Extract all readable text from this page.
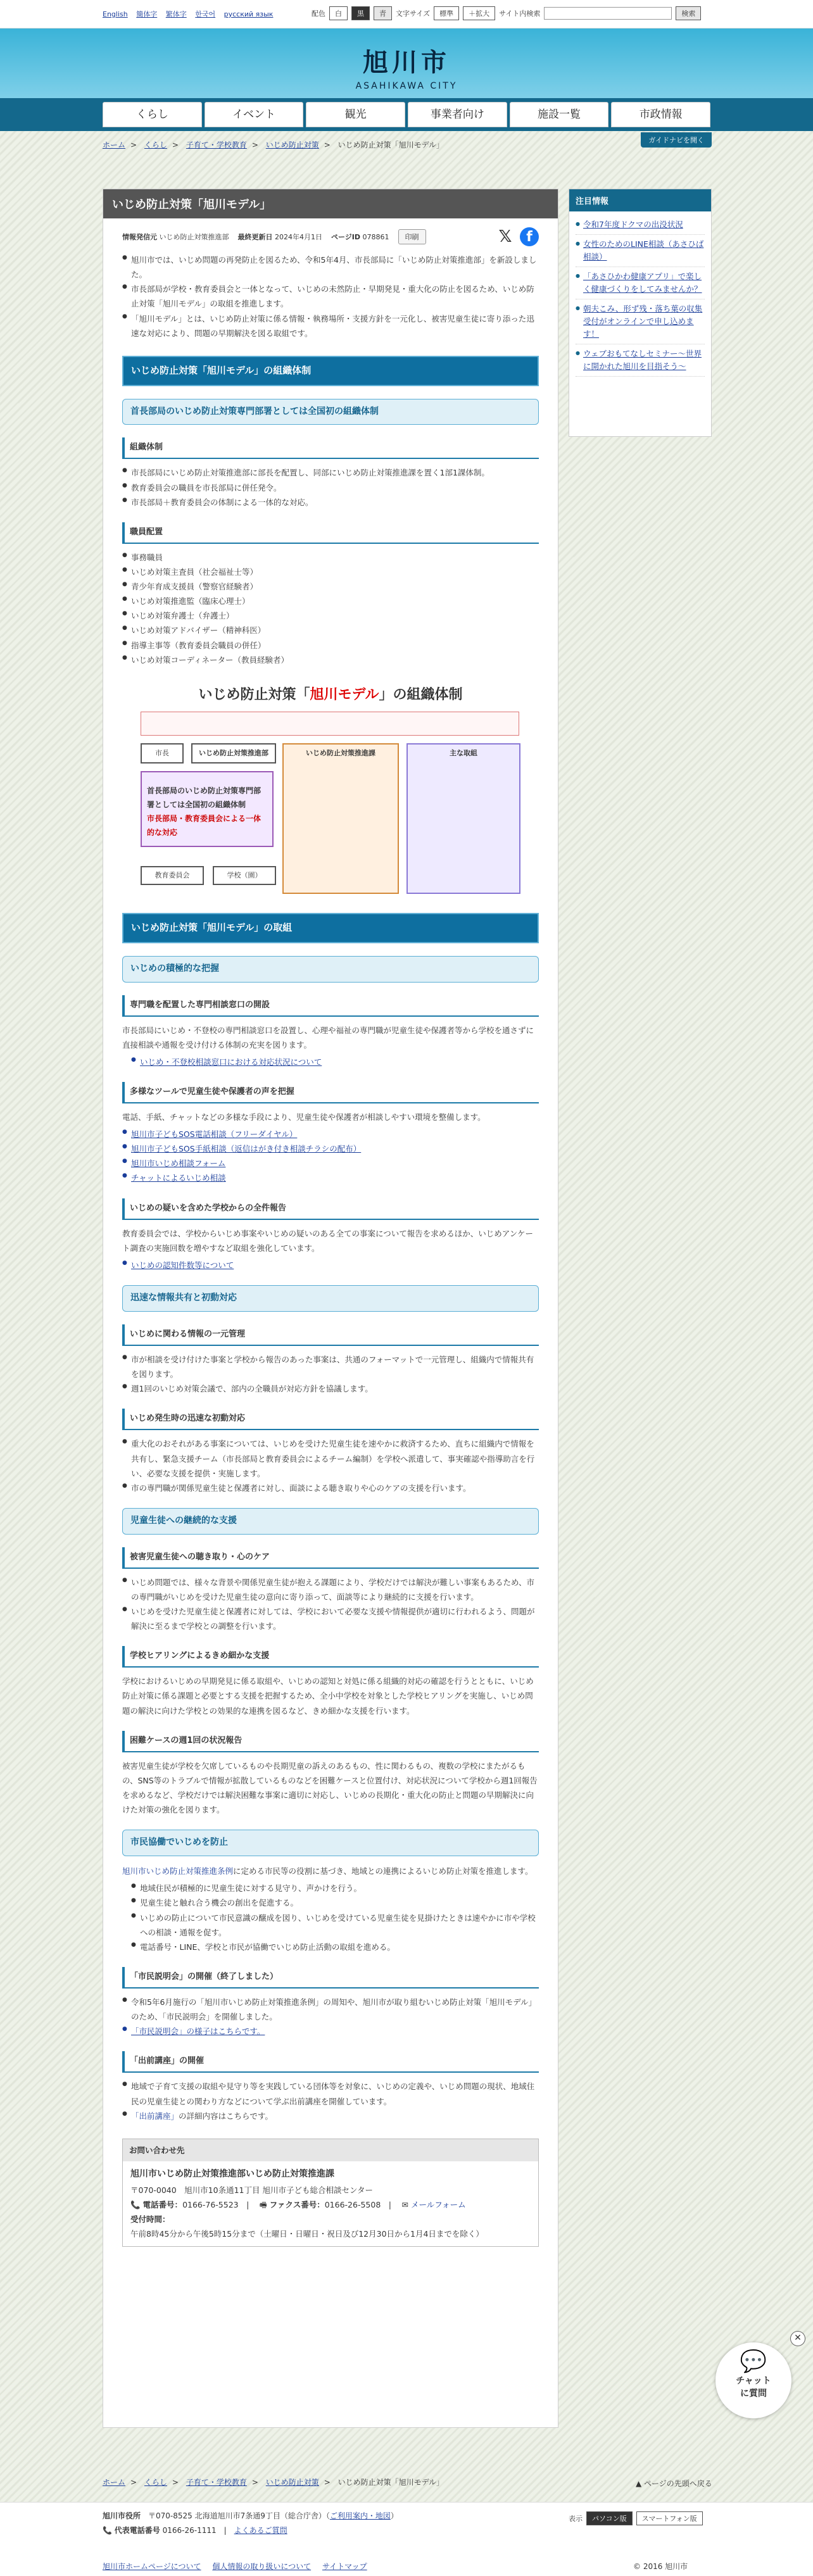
English 簡体字 繁体字 한국어 русский язык	配色	白	黒	青	文字サイズ	標準	＋拡大	サイト内検索	検索
旭川市
ASAHIKAWA CITY
くらし	イベント	観光	事業者向け	施設一覧	市政情報
ガイドナビを開く
ホーム > くらし > 子育て・学校教育 > いじめ防止対策 > いじめ防止対策「旭川モデル」
いじめ防止対策「旭川モデル」
情報発信元 いじめ防止対策推進部 最終更新日 2024年4月1日 ページID 078861	印刷	𝕏	f
● 旭川市では、いじめ問題の再発防止を図るため、令和5年4月、市長部局に「いじめ防止対策推進部」を新設しました。
● 市長部局が学校・教育委員会と一体となって、いじめの未然防止・早期発見・重大化の防止を図るため、いじめ防止対策「旭川モデル」の取組を推進します。
● 「旭川モデル」とは、いじめ防止対策に係る情報・執務場所・支援方針を一元化し、被害児童生徒に寄り添った迅速な対応により、問題の早期解決を図る取組です。
いじめ防止対策「旭川モデル」の組織体制
首長部局のいじめ防止対策専門部署としては全国初の組織体制
組織体制
● 市長部局にいじめ防止対策推進部に部長を配置し、同部にいじめ防止対策推進課を置く1部1課体制。
● 教育委員会の職員を市長部局に併任発令。
● 市長部局＋教育委員会の体制による一体的な対応。
職員配置
● 事務職員
● いじめ対策主査員（社会福祉士等）
● 青少年育成支援員（警察官経験者）
● いじめ対策推進監（臨床心理士）
● いじめ対策弁護士（弁護士）
● いじめ対策アドバイザー（精神科医）
● 指導主事等（教育委員会職員の併任）
● いじめ対策コーディネーター（教員経験者）
いじめ防止対策「旭川モデル」の組織体制
市長	いじめ防止対策推進部
首長部局のいじめ防止対策専門部署としては全国初の組織体制
市長部局・教育委員会による一体的な対応
いじめ防止対策推進課	主な取組
教育委員会	学校（園）
いじめ防止対策「旭川モデル」の取組
いじめの積極的な把握
専門職を配置した専門相談窓口の開設

市長部局にいじめ・不登校の専門相談窓口を設置し、心理や福祉の専門職が児童生徒や保護者等から学校を通さずに直接相談や通報を受け付ける体制の充実を図ります。

● いじめ・不登校相談窓口における対応状況について
多様なツールで児童生徒や保護者の声を把握

電話、手紙、チャットなどの多様な手段により、児童生徒や保護者が相談しやすい環境を整備します。

● 旭川市子どもSOS電話相談（フリーダイヤル）
● 旭川市子どもSOS手紙相談（返信はがき付き相談チラシの配布）
● 旭川市いじめ相談フォーム
● チャットによるいじめ相談
いじめの疑いを含めた学校からの全件報告

教育委員会では、学校からいじめ事案やいじめの疑いのある全ての事案について報告を求めるほか、いじめアンケート調査の実施回数を増やすなど取組を強化しています。

● いじめの認知件数等について
迅速な情報共有と初動対応
いじめに関わる情報の一元管理
● 市が相談を受け付けた事案と学校から報告のあった事案は、共通のフォーマットで一元管理し、組織内で情報共有を図ります。
● 週1回のいじめ対策会議で、部内の全職員が対応方針を協議します。
いじめ発生時の迅速な初動対応
● 重大化のおそれがある事案については、いじめを受けた児童生徒を速やかに救済するため、直ちに組織内で情報を共有し、緊急支援チーム（市長部局と教育委員会によるチーム編制）を学校へ派遣して、事実確認や指導助言を行い、必要な支援を提供・実施します。
● 市の専門職が関係児童生徒と保護者に対し、面談による聴き取りや心のケアの支援を行います。
児童生徒への継続的な支援
被害児童生徒への聴き取り・心のケア
● いじめ問題では、様々な背景や関係児童生徒が抱える課題により、学校だけでは解決が難しい事案もあるため、市の専門職がいじめを受けた児童生徒の意向に寄り添って、面談等により継続的に支援を行います。
● いじめを受けた児童生徒と保護者に対しては、学校において必要な支援や情報提供が適切に行われるよう、問題が解決に至るまで学校との調整を行います。
学校ヒアリングによるきめ細かな支援

学校におけるいじめの早期発見に係る取組や、いじめの認知と対処に係る組織的対応の確認を行うとともに、いじめ防止対策に係る課題と必要とする支援を把握するため、全小中学校を対象とした学校ヒアリングを実施し、いじめ問題の解決に向けた学校との効果的な連携を図るなど、きめ細かな支援を行います。

困難ケースの週1回の状況報告

被害児童生徒が学校を欠席しているものや長期児童の訴えのあるもの、性に関わるもの、複数の学校にまたがるもの、SNS等のトラブルで情報が拡散しているものなどを困難ケースと位置付け、対応状況について学校から週1回報告を求めるなど、学校だけでは解決困難な事案に適切に対応し、いじめの長期化・重大化の防止と問題の早期解決に向けた対策の強化を図ります。

市民協働でいじめを防止

旭川市いじめ防止対策推進条例に定める市民等の役割に基づき、地域との連携によるいじめ防止対策を推進します。

● 地域住民が積極的に児童生徒に対する見守り、声かけを行う。
● 児童生徒と触れ合う機会の創出を促進する。
● いじめの防止について市民意識の醸成を図り、いじめを受けている児童生徒を見掛けたときは速やかに市や学校への相談・通報を促す。
● 電話番号・LINE、学校と市民が協働でいじめ防止活動の取組を進める。
「市民説明会」の開催（終了しました）
● 令和5年6月施行の「旭川市いじめ防止対策推進条例」の周知や、旭川市が取り組むいじめ防止対策「旭川モデル」のため、「市民説明会」を開催しました。
● 「市民説明会」の様子はこちらです。
「出前講座」の開催
● 地域で子育て支援の取組や見守り等を実践している団体等を対象に、いじめの定義や、いじめ問題の現状、地域住民の児童生徒との関わり方などについて学ぶ出前講座を開催しています。
● 「出前講座」の詳細内容はこちらです。
お問い合わせ先
旭川市いじめ防止対策推進部いじめ防止対策推進課
〒070-0040　旭川市10条通11丁目 旭川市子ども総合相談センター
📞 電話番号：0166-76-5523　|　 🖷 ファクス番号：0166-26-5508　|　 ✉ メールフォーム
受付時間：
午前8時45分から午後5時15分まで（土曜日・日曜日・祝日及び12月30日から1月4日までを除く）
注目情報
● 令和7年度ドクマの出没状況
● 女性のためのLINE相談（あさひば相談）
● 「あさひかわ健康アプリ」で楽しく健康づくりをしてみませんか？
● 朝夫こみ、形ず残・落ち葉の収集受付がオンラインで申し込めます！
● ウェブおもてなしセミナー～世界に開かれた旭川を目指そう～
✕
💬
チャット
に質問
ホーム > くらし > 子育て・学校教育 > いじめ防止対策 > いじめ防止対策「旭川モデル」	▲ ページの先頭へ戻る
旭川市役所　 〒070-8525 北海道旭川市7条通9丁目（総合庁舎）（ご利用案内・地図）
📞 代表電話番号 0166-26-1111　|　よくあるご質問
表示	パソコン版	スマートフォン版
旭川市ホームページについて 個人情報の取り扱いについて サイトマップ	© 2016 旭川市
